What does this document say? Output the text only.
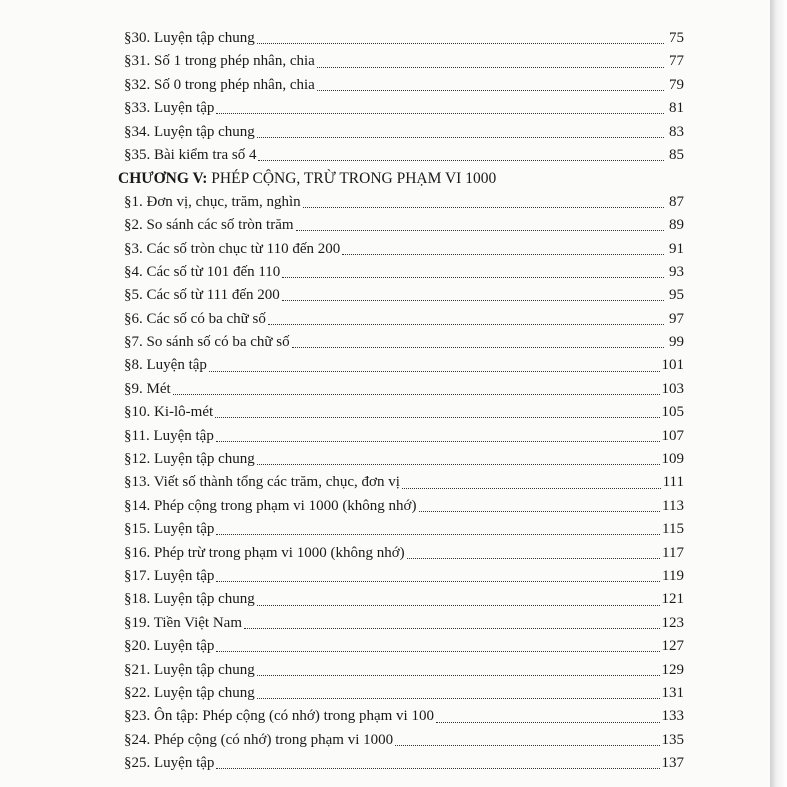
§30. Luyện tập chung	75
§31. Số 1 trong phép nhân, chia	77
§32. Số 0 trong phép nhân, chia	79
§33. Luyện tập	81
§34. Luyện tập chung	83
§35. Bài kiểm tra số 4	85
CHƯƠNG V: PHÉP CỘNG, TRỪ TRONG PHẠM VI 1000
§1. Đơn vị, chục, trăm, nghìn	87
§2. So sánh các số tròn trăm	89
§3. Các số tròn chục từ 110 đến 200	91
§4. Các số từ 101 đến 110	93
§5. Các số từ 111 đến 200	95
§6. Các số có ba chữ số	97
§7. So sánh số có ba chữ số	99
§8. Luyện tập	101
§9. Mét	103
§10. Ki-lô-mét	105
§11. Luyện tập	107
§12. Luyện tập chung	109
§13. Viết số thành tổng các trăm, chục, đơn vị	111
§14. Phép cộng trong phạm vi 1000 (không nhớ)	113
§15. Luyện tập	115
§16. Phép trừ trong phạm vi 1000 (không nhớ)	117
§17. Luyện tập	119
§18. Luyện tập chung	121
§19. Tiền Việt Nam	123
§20. Luyện tập	127
§21. Luyện tập chung	129
§22. Luyện tập chung	131
§23. Ôn tập: Phép cộng (có nhớ) trong phạm vi 100	133
§24. Phép cộng (có nhớ) trong phạm vi 1000	135
§25. Luyện tập	137
